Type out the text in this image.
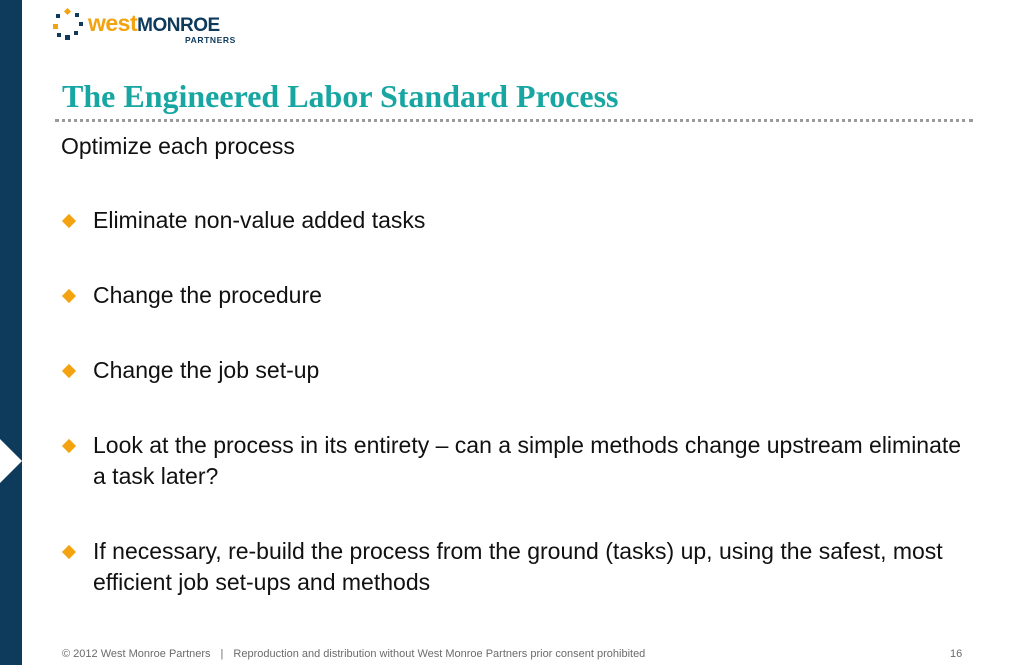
westMONROE
PARTNERS
The Engineered Labor Standard Process
Optimize each process
Eliminate non-value added tasks
Change the procedure
Change the job set-up
Look at the process in its entirety – can a simple methods change upstream eliminate a task later?
If necessary, re-build the process from the ground (tasks) up, using the safest, most efficient job set-ups and methods
© 2012 West Monroe Partners | Reproduction and distribution without West Monroe Partners prior consent prohibited	16
